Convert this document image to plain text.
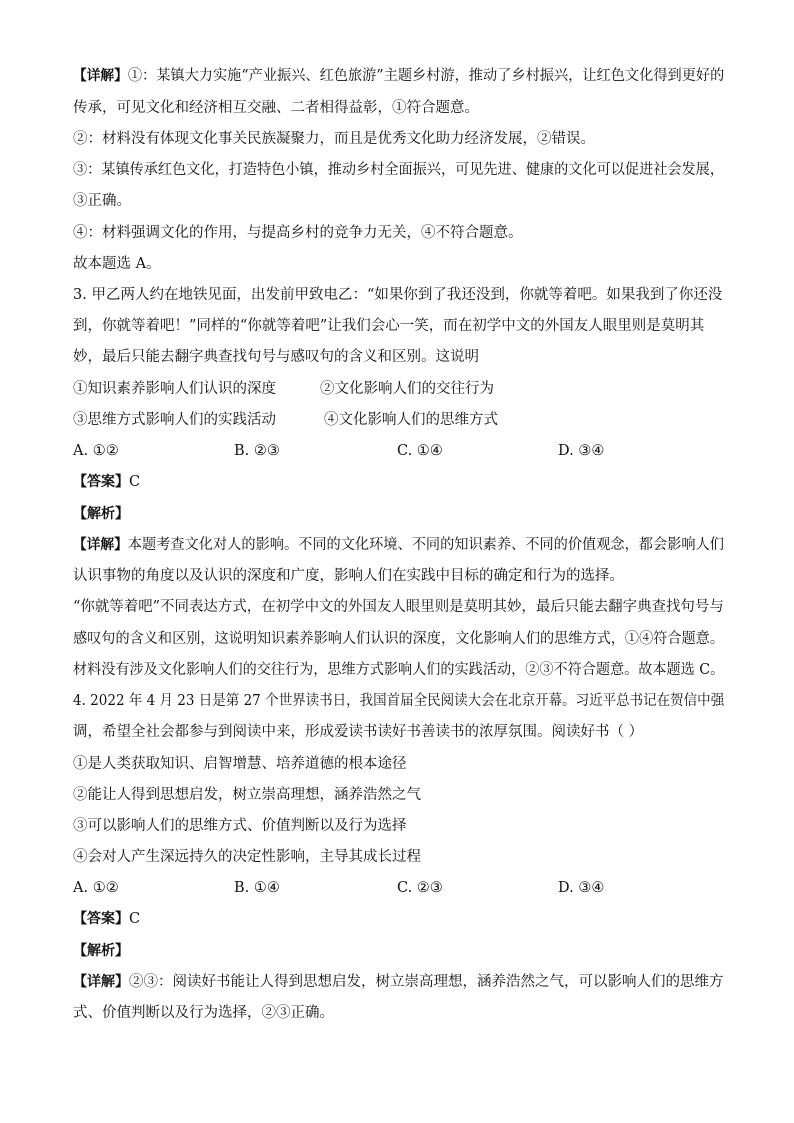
【详解】①：某镇大力实施“产业振兴、红色旅游”主题乡村游，推动了乡村振兴，让红色文化得到更好的
传承，可见文化和经济相互交融、二者相得益彰，①符合题意。
②：材料没有体现文化事关民族凝聚力，而且是优秀文化助力经济发展，②错误。
③：某镇传承红色文化，打造特色小镇，推动乡村全面振兴，可见先进、健康的文化可以促进社会发展，
③正确。
④：材料强调文化的作用，与提高乡村的竞争力无关，④不符合题意。
故本题选 A。
3. 甲乙两人约在地铁见面，出发前甲致电乙：“如果你到了我还没到，你就等着吧。如果我到了你还没
到，你就等着吧！”同样的“你就等着吧”让我们会心一笑，而在初学中文的外国友人眼里则是莫明其
妙，最后只能去翻字典查找句号与感叹句的含义和区别。这说明
①知识素养影响人们认识的深度	②文化影响人们的交往行为
③思维方式影响人们的实践活动	④文化影响人们的思维方式
A. ①②	B. ②③	C. ①④	D. ③④
【答案】C
【解析】
【详解】本题考查文化对人的影响。不同的文化环境、不同的知识素养、不同的价值观念，都会影响人们
认识事物的角度以及认识的深度和广度，影响人们在实践中目标的确定和行为的选择。
“你就等着吧”不同表达方式，在初学中文的外国友人眼里则是莫明其妙，最后只能去翻字典查找句号与
感叹句的含义和区别，这说明知识素养影响人们认识的深度，文化影响人们的思维方式，①④符合题意。
材料没有涉及文化影响人们的交往行为，思维方式影响人们的实践活动，②③不符合题意。故本题选 C。
4. 2022 年 4 月 23 日是第 27 个世界读书日，我国首届全民阅读大会在北京开幕。习近平总书记在贺信中强
调，希望全社会都参与到阅读中来，形成爱读书读好书善读书的浓厚氛围。阅读好书（ ）
①是人类获取知识、启智增慧、培养道德的根本途径
②能让人得到思想启发，树立崇高理想，涵养浩然之气
③可以影响人们的思维方式、价值判断以及行为选择
④会对人产生深远持久的决定性影响，主导其成长过程
A. ①②	B. ①④	C. ②③	D. ③④
【答案】C
【解析】
【详解】②③：阅读好书能让人得到思想启发，树立崇高理想，涵养浩然之气，可以影响人们的思维方
式、价值判断以及行为选择，②③正确。
